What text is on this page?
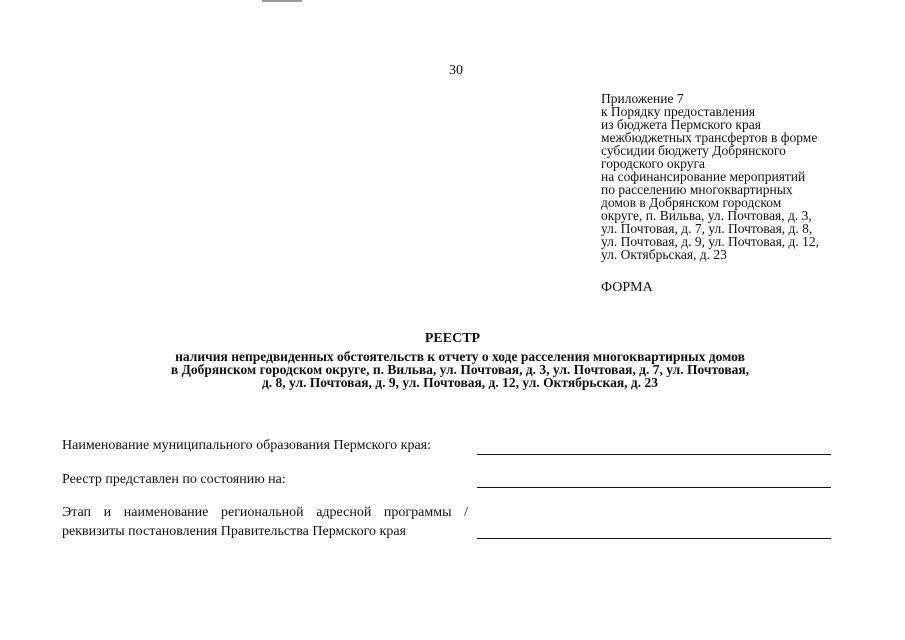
30
Приложение 7
к Порядку предоставления
из бюджета Пермского края
межбюджетных трансфертов в форме
субсидии бюджету Добрянского
городского округа
на софинансирование мероприятий
по расселению многоквартирных
домов в Добрянском городском
округе, п. Вильва, ул. Почтовая, д. 3,
ул. Почтовая, д. 7, ул. Почтовая, д. 8,
ул. Почтовая, д. 9, ул. Почтовая, д. 12,
ул. Октябрьская, д. 23
ФОРМА
РЕЕСТР
наличия непредвиденных обстоятельств к отчету о ходе расселения многоквартирных домов
в Добрянском городском округе, п. Вильва, ул. Почтовая, д. 3, ул. Почтовая, д. 7, ул. Почтовая,
д. 8, ул. Почтовая, д. 9, ул. Почтовая, д. 12, ул. Октябрьская, д. 23
Наименование муниципального образования Пермского края:
Реестр представлен по состоянию на:
Этап и наименование региональной адресной программы /
реквизиты постановления Правительства Пермского края
